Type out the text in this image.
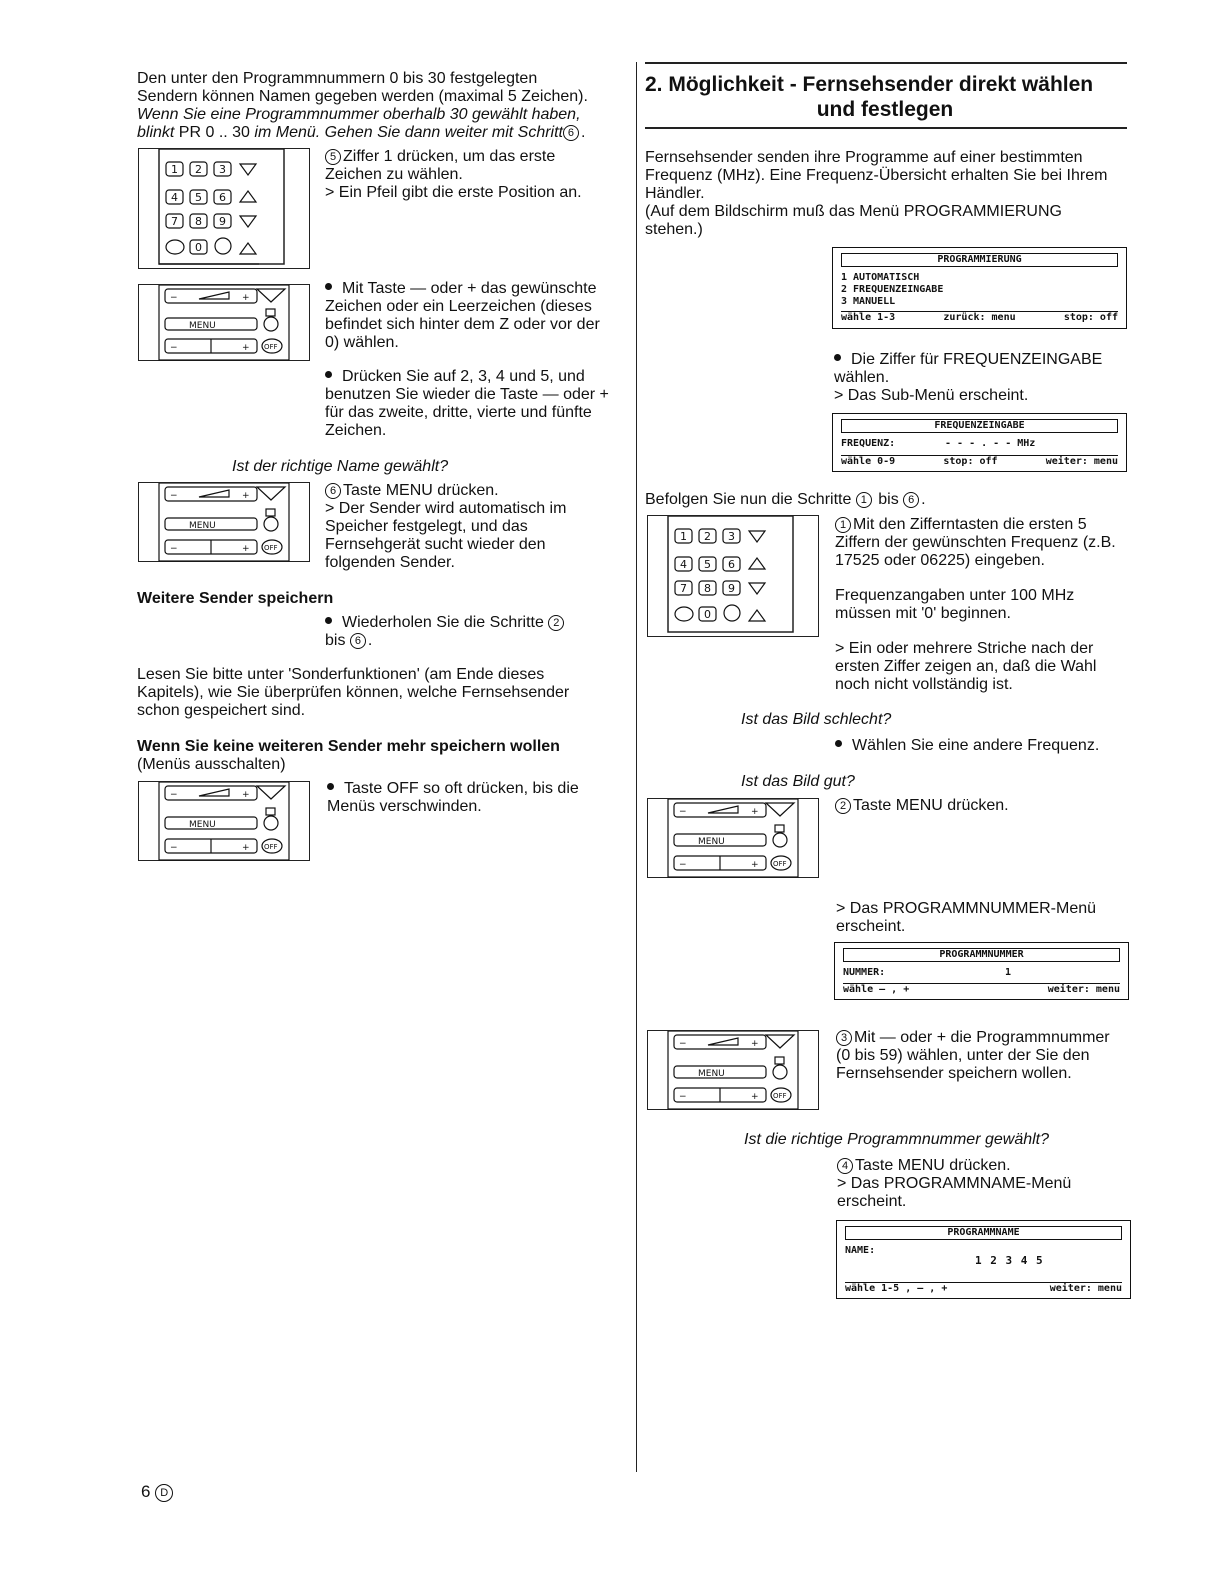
Den unter den Programmnummern 0 bis 30 festgelegten
Sendern können Namen gegeben werden (maximal 5 Zeichen).
Wenn Sie eine Programmnummer oberhalb 30 gewählt haben,
blinkt PR 0 .. 30 im Menü. Gehen Sie dann weiter mit Schritt 6 .
1 2 3
4 5 6
7 8 9
0
5 Ziffer 1 drücken, um das erste Zeichen zu wählen.
> Ein Pfeil gibt die erste Position an.
−	+
MENU
−	+ OFF
Mit Taste — oder + das gewünschte Zeichen oder ein Leerzeichen (dieses befindet sich hinter dem Z oder vor der 0) wählen.
Drücken Sie auf 2, 3, 4 und 5, und benutzen Sie wieder die Taste — oder + für das zweite, dritte, vierte und fünfte Zeichen.
Ist der richtige Name gewählt?
−	+
MENU
−	+ OFF
6 Taste MENU drücken.
> Der Sender wird automatisch im Speicher festgelegt, und das Fernsehgerät sucht wieder den folgenden Sender.
Weitere Sender speichern
Wiederholen Sie die Schritte 2
bis 6 .
Lesen Sie bitte unter 'Sonderfunktionen' (am Ende dieses Kapitels), wie Sie überprüfen können, welche Fernsehsender schon gespeichert sind.
Wenn Sie keine weiteren Sender mehr speichern wollen
(Menüs ausschalten)
−	+
MENU
−	+ OFF
Taste OFF so oft drücken, bis die Menüs verschwinden.
2. Möglichkeit - Fernsehsender direkt wählen
und festlegen
Fernsehsender senden ihre Programme auf einer bestimmten Frequenz (MHz). Eine Frequenz-Übersicht erhalten Sie bei Ihrem Händler.
(Auf dem Bildschirm muß das Menü PROGRAMMIERUNG stehen.)
PROGRAMMIERUNG
1 AUTOMATISCH
2 FREQUENZEINGABE
3 MANUELL
wähle 1-3	zurück: menu	stop: off
Die Ziffer für FREQUENZEINGABE wählen.
> Das Sub-Menü erscheint.
FREQUENZEINGABE
FREQUENZ:	- - - . - - MHz
wähle 0-9	stop: off	weiter: menu
Befolgen Sie nun die Schritte 1 bis 6 .
1 2 3
4 5 6
7 8 9
0
1 Mit den Zifferntasten die ersten 5 Ziffern der gewünschten Frequenz (z.B. 17525 oder 06225) eingeben.
Frequenzangaben unter 100 MHz müssen mit '0' beginnen.
> Ein oder mehrere Striche nach der ersten Ziffer zeigen an, daß die Wahl noch nicht vollständig ist.
Ist das Bild schlecht?
Wählen Sie eine andere Frequenz.
Ist das Bild gut?
−	+
MENU
−	+ OFF
2 Taste MENU drücken.
> Das PROGRAMMNUMMER-Menü erscheint.
PROGRAMMNUMMER
NUMMER:	1
wähle – , +	weiter: menu
−	+
MENU
−	+ OFF
3 Mit — oder + die Programmnummer (0 bis 59) wählen, unter der Sie den Fernsehsender speichern wollen.
Ist die richtige Programmnummer gewählt?
4 Taste MENU drücken.
> Das PROGRAMMNAME-Menü erscheint.
PROGRAMMNAME
NAME:
1 2 3 4 5
wähle 1-5 , – , +	weiter: menu
6 D
